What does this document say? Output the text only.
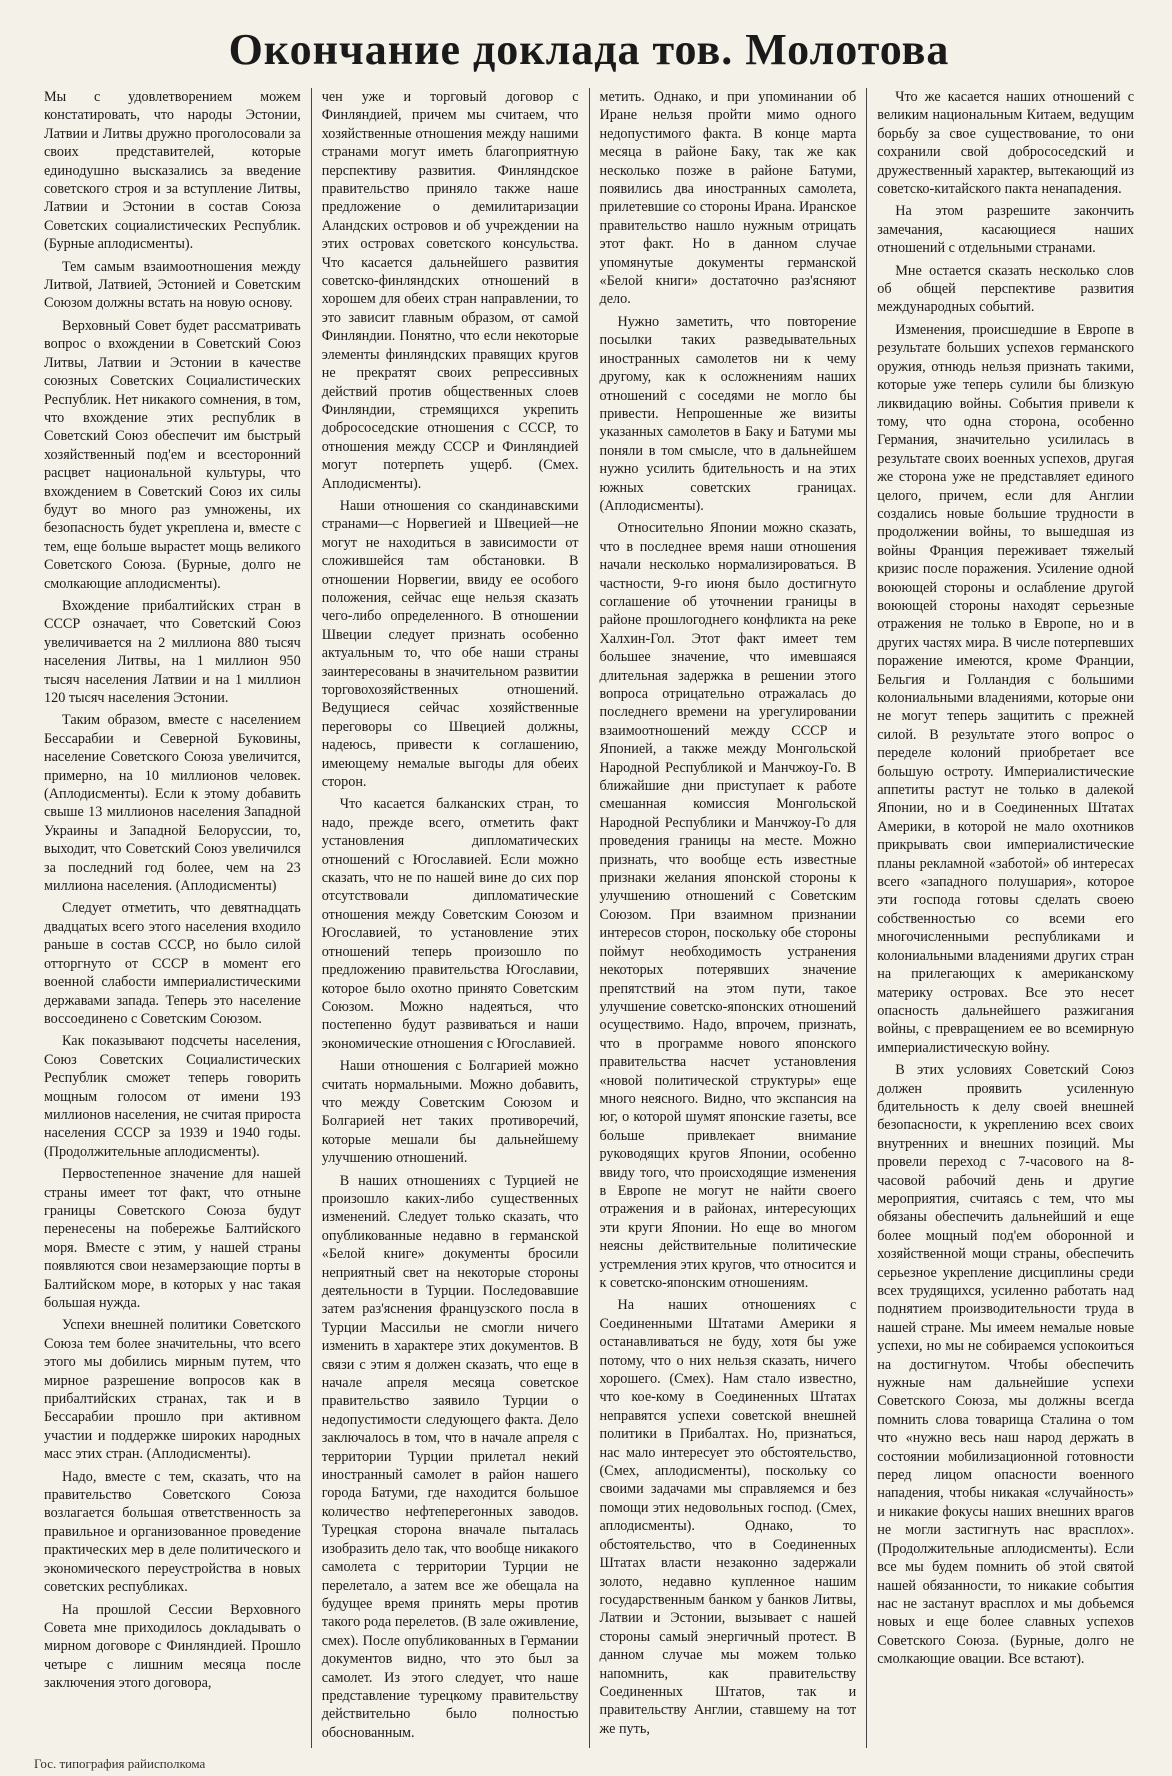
Окончание доклада тов. Молотова

Мы с удовлетворением можем констатировать, что народы Эстонии, Латвии и Литвы дружно проголосовали за своих представителей, которые единодушно высказались за введение советского строя и за вступление Литвы, Латвии и Эстонии в состав Союза Советских социалистических Республик. (Бурные аплодисменты).

Тем самым взаимоотношения между Литвой, Латвией, Эстонией и Советским Союзом должны встать на новую основу.

Верховный Совет будет рассматривать вопрос о вхождении в Советский Союз Литвы, Латвии и Эстонии в качестве союзных Советских Социалистических Республик. Нет никакого сомнения, в том, что вхождение этих республик в Советский Союз обеспечит им быстрый хозяйственный под'ем и всесторонний расцвет национальной культуры, что вхождением в Советский Союз их силы будут во много раз умножены, их безопасность будет укреплена и, вместе с тем, еще больше вырастет мощь великого Советского Союза. (Бурные, долго не смолкающие аплодисменты).

Вхождение прибалтийских стран в СССР означает, что Советский Союз увеличивается на 2 миллиона 880 тысяч населения Литвы, на 1 миллион 950 тысяч населения Латвии и на 1 миллион 120 тысяч населения Эстонии.

Таким образом, вместе с населением Бессарабии и Северной Буковины, население Советского Союза увеличится, примерно, на 10 миллионов человек. (Аплодисменты). Если к этому добавить свыше 13 миллионов населения Западной Украины и Западной Белоруссии, то, выходит, что Советский Союз увеличился за последний год более, чем на 23 миллиона населения. (Аплодисменты)

Следует отметить, что девятнадцать двадцатых всего этого населения входило раньше в состав СССР, но было силой отторгнуто от СССР в момент его военной слабости империалистическими державами запада. Теперь это население воссоединено с Советским Союзом.

Как показывают подсчеты населения, Союз Советских Социалистических Республик сможет теперь говорить мощным голосом от имени 193 миллионов населения, не считая прироста населения СССР за 1939 и 1940 годы. (Продолжительные аплодисменты).

Первостепенное значение для нашей страны имеет тот факт, что отныне границы Советского Союза будут перенесены на побережье Балтийского моря. Вместе с этим, у нашей страны появляются свои незамерзающие порты в Балтийском море, в которых у нас такая большая нужда.

Успехи внешней политики Советского Союза тем более значительны, что всего этого мы добились мирным путем, что мирное разрешение вопросов как в прибалтийских странах, так и в Бессарабии прошло при активном участии и поддержке широких народных масс этих стран. (Аплодисменты).

Надо, вместе с тем, сказать, что на правительство Советского Союза возлагается большая ответственность за правильное и организованное проведение практических мер в деле политического и экономического переустройства в новых советских республиках.

На прошлой Сессии Верховного Совета мне приходилось докладывать о мирном договоре с Финляндией. Прошло четыре с лишним месяца после заключения этого договора,

чен уже и торговый договор с Финляндией, причем мы считаем, что хозяйственные отношения между нашими странами могут иметь благоприятную перспективу развития. Финляндское правительство приняло также наше предложение о демилитаризации Аландских островов и об учреждении на этих островах советского консульства. Что касается дальнейшего развития советско-финляндских отношений в хорошем для обеих стран направлении, то это зависит главным образом, от самой Финляндии. Понятно, что если некоторые элементы финляндских правящих кругов не прекратят своих репрессивных действий против общественных слоев Финляндии, стремящихся укрепить добрососедские отношения с СССР, то отношения между СССР и Финляндией могут потерпеть ущерб. (Смех. Аплодисменты).

Наши отношения со скандинавскими странами—с Норвегией и Швецией—не могут не находиться в зависимости от сложившейся там обстановки. В отношении Норвегии, ввиду ее особого положения, сейчас еще нельзя сказать чего-либо определенного. В отношении Швеции следует признать особенно актуальным то, что обе наши страны заинтересованы в значительном развитии торговохозяйственных отношений. Ведущиеся сейчас хозяйственные переговоры со Швецией должны, надеюсь, привести к соглашению, имеющему немалые выгоды для обеих сторон.

Что касается балканских стран, то надо, прежде всего, отметить факт установления дипломатических отношений с Югославией. Если можно сказать, что не по нашей вине до сих пор отсутствовали дипломатические отношения между Советским Союзом и Югославией, то установление этих отношений теперь произошло по предложению правительства Югославии, которое было охотно принято Советским Союзом. Можно надеяться, что постепенно будут развиваться и наши экономические отношения с Югославией.

Наши отношения с Болгарией можно считать нормальными. Можно добавить, что между Советским Союзом и Болгарией нет таких противоречий, которые мешали бы дальнейшему улучшению отношений.

В наших отношениях с Турцией не произошло каких-либо существенных изменений. Следует только сказать, что опубликованные недавно в германской «Белой книге» документы бросили неприятный свет на некоторые стороны деятельности в Турции. Последовавшие затем раз'яснения французского посла в Турции Массильи не смогли ничего изменить в характере этих документов. В связи с этим я должен сказать, что еще в начале апреля месяца советское правительство заявило Турции о недопустимости следующего факта. Дело заключалось в том, что в начале апреля с территории Турции прилетал некий иностранный самолет в район нашего города Батуми, где находится большое количество нефтеперегонных заводов. Турецкая сторона вначале пыталась изобразить дело так, что вообще никакого самолета с территории Турции не перелетало, а затем все же обещала на будущее время принять меры против такого рода перелетов. (В зале оживление, смех). После опубликованных в Германии документов видно, что это был за самолет. Из этого следует, что наше представление турецкому правительству действительно было полностью обоснованным.

метить. Однако, и при упоминании об Иране нельзя пройти мимо одного недопустимого факта. В конце марта месяца в районе Баку, так же как несколько позже в районе Батуми, появились два иностранных самолета, прилетевшие со стороны Ирана. Иранское правительство нашло нужным отрицать этот факт. Но в данном случае упомянутые документы германской «Белой книги» достаточно раз'ясняют дело.

Нужно заметить, что повторение посылки таких разведывательных иностранных самолетов ни к чему другому, как к осложнениям наших отношений с соседями не могло бы привести. Непрошенные же визиты указанных самолетов в Баку и Батуми мы поняли в том смысле, что в дальнейшем нужно усилить бдительность и на этих южных советских границах. (Аплодисменты).

Относительно Японии можно сказать, что в последнее время наши отношения начали несколько нормализироваться. В частности, 9-го июня было достигнуто соглашение об уточнении границы в районе прошлогоднего конфликта на реке Халхин-Гол. Этот факт имеет тем большее значение, что имевшаяся длительная задержка в решении этого вопроса отрицательно отражалась до последнего времени на урегулировании взаимоотношений между СССР и Японией, а также между Монгольской Народной Республикой и Манчжоу-Го. В ближайшие дни приступает к работе смешанная комиссия Монгольской Народной Республики и Манчжоу-Го для проведения границы на месте. Можно признать, что вообще есть известные признаки желания японской стороны к улучшению отношений с Советским Союзом. При взаимном признании интересов сторон, поскольку обе стороны поймут необходимость устранения некоторых потерявших значение препятствий на этом пути, такое улучшение советско-японских отношений осуществимо. Надо, впрочем, признать, что в программе нового японского правительства насчет установления «новой политической структуры» еще много неясного. Видно, что экспансия на юг, о которой шумят японские газеты, все больше привлекает внимание руководящих кругов Японии, особенно ввиду того, что происходящие изменения в Европе не могут не найти своего отражения и в районах, интересующих эти круги Японии. Но еще во многом неясны действительные политические устремления этих кругов, что относится и к советско-японским отношениям.

На наших отношениях с Соединенными Штатами Америки я останавливаться не буду, хотя бы уже потому, что о них нельзя сказать, ничего хорошего. (Смех). Нам стало известно, что кое-кому в Соединенных Штатах неправятся успехи советской внешней политики в Прибалтах. Но, признаться, нас мало интересует это обстоятельство, (Смех, аплодисменты), поскольку со своими задачами мы справляемся и без помощи этих недовольных господ. (Смех, аплодисменты). Однако, то обстоятельство, что в Соединенных Штатах власти незаконно задержали золото, недавно купленное нашим государственным банком у банков Литвы, Латвии и Эстонии, вызывает с нашей стороны самый энергичный протест. В данном случае мы можем только напомнить, как правительству Соединенных Штатов, так и правительству Англии, ставшему на тот же путь,

Что же касается наших отношений с великим национальным Китаем, ведущим борьбу за свое существование, то они сохранили свой добрососедский и дружественный характер, вытекающий из советско-китайского пакта ненападения.

На этом разрешите закончить замечания, касающиеся наших отношений с отдельными странами.

Мне остается сказать несколько слов об общей перспективе развития международных событий.

Изменения, происшедшие в Европе в результате больших успехов германского оружия, отнюдь нельзя признать такими, которые уже теперь сулили бы близкую ликвидацию войны. События привели к тому, что одна сторона, особенно Германия, значительно усилилась в результате своих военных успехов, другая же сторона уже не представляет единого целого, причем, если для Англии создались новые большие трудности в продолжении войны, то вышедшая из войны Франция переживает тяжелый кризис после поражения. Усиление одной воюющей стороны и ослабление другой воюющей стороны находят серьезные отражения не только в Европе, но и в других частях мира. В числе потерпевших поражение имеются, кроме Франции, Бельгия и Голландия с большими колониальными владениями, которые они не могут теперь защитить с прежней силой. В результате этого вопрос о переделе колоний приобретает все большую остроту. Империалистические аппетиты растут не только в далекой Японии, но и в Соединенных Штатах Америки, в которой не мало охотников прикрывать свои империалистические планы рекламной «заботой» об интересах всего «западного полушария», которое эти господа готовы сделать своею собственностью со всеми его многочисленными республиками и колониальными владениями других стран на прилегающих к американскому материку островах. Все это несет опасность дальнейшего разжигания войны, с превращением ее во всемирную империалистическую войну.

В этих условиях Советский Союз должен проявить усиленную бдительность к делу своей внешней безопасности, к укреплению всех своих внутренних и внешних позиций. Мы провели переход с 7-часового на 8-часовой рабочий день и другие мероприятия, считаясь с тем, что мы обязаны обеспечить дальнейший и еще более мощный под'ем оборонной и хозяйственной мощи страны, обеспечить серьезное укрепление дисциплины среди всех трудящихся, усиленно работать над поднятием производительности труда в нашей стране. Мы имеем немалые новые успехи, но мы не собираемся успокоиться на достигнутом. Чтобы обеспечить нужные нам дальнейшие успехи Советского Союза, мы должны всегда помнить слова товарища Сталина о том что «нужно весь наш народ держать в состоянии мобилизационной готовности перед лицом опасности военного нападения, чтобы никакая «случайность» и никакие фокусы наших внешних врагов не могли застигнуть нас врасплох». (Продолжительные аплодисменты). Если все мы будем помнить об этой святой нашей обязанности, то никакие события нас не застанут врасплох и мы добьемся новых и еще более славных успехов Советского Союза. (Бурные, долго не смолкающие овации. Все встают).

Гос. типография райисполкома
